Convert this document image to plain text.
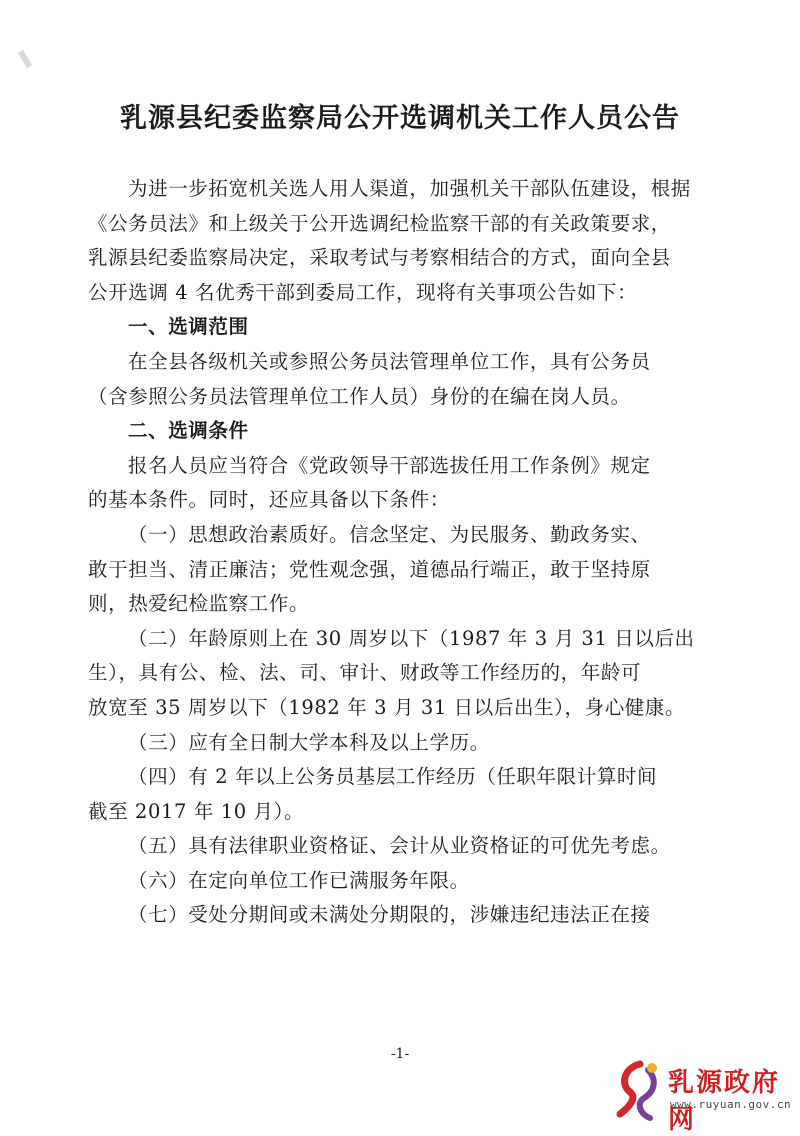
乳源县纪委监察局公开选调机关工作人员公告
为进一步拓宽机关选人用人渠道，加强机关干部队伍建设，根据
《公务员法》和上级关于公开选调纪检监察干部的有关政策要求，
乳源县纪委监察局决定，采取考试与考察相结合的方式，面向全县
公开选调 4 名优秀干部到委局工作，现将有关事项公告如下：
一、选调范围
在全县各级机关或参照公务员法管理单位工作，具有公务员
（含参照公务员法管理单位工作人员）身份的在编在岗人员。
二、选调条件
报名人员应当符合《党政领导干部选拔任用工作条例》规定
的基本条件。同时，还应具备以下条件：
（一）思想政治素质好。信念坚定、为民服务、勤政务实、
敢于担当、清正廉洁；党性观念强，道德品行端正，敢于坚持原
则，热爱纪检监察工作。
（二）年龄原则上在 30 周岁以下（1987 年 3 月 31 日以后出
生），具有公、检、法、司、审计、财政等工作经历的，年龄可
放宽至 35 周岁以下（1982 年 3 月 31 日以后出生），身心健康。
（三）应有全日制大学本科及以上学历。
（四）有 2 年以上公务员基层工作经历（任职年限计算时间
截至 2017 年 10 月）。
（五）具有法律职业资格证、会计从业资格证的可优先考虑。
（六）在定向单位工作已满服务年限。
（七）受处分期间或未满处分期限的，涉嫌违纪违法正在接
-1-
乳源政府网
www.ruyuan.gov.cn
